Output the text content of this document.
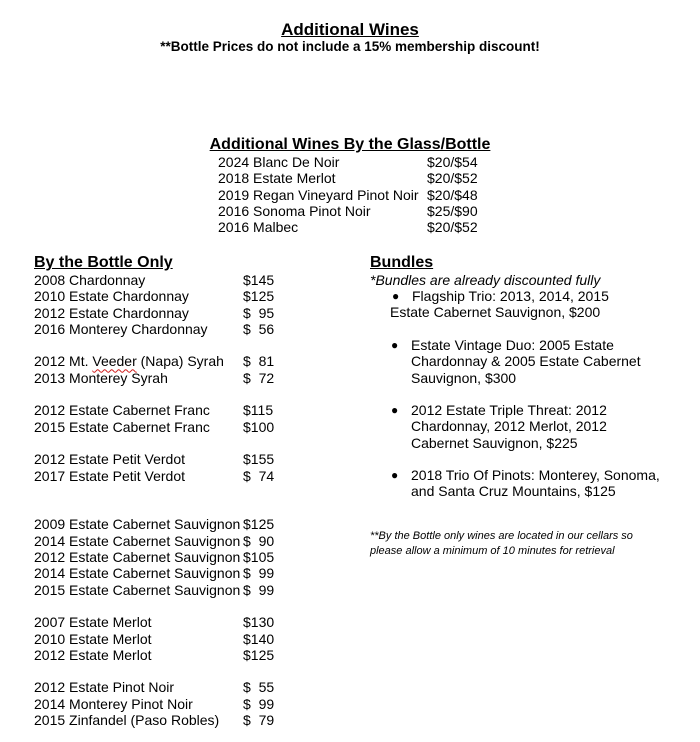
Additional Wines
**Bottle Prices do not include a 15% membership discount!
Additional Wines By the Glass/Bottle
2024 Blanc De Noir	$20/$54
2018 Estate Merlot	$20/$52
2019 Regan Vineyard Pinot Noir $20/$48
2016 Sonoma Pinot Noir	$25/$90
2016 Malbec	$20/$52
By the Bottle Only
2008 Chardonnay	$145
2010 Estate Chardonnay	$125
2012 Estate Chardonnay	$  95
2016 Monterey Chardonnay	$  56
2012 Mt. Veeder (Napa) Syrah $  81
2013 Monterey Syrah	$  72
2012 Estate Cabernet Franc $115
2015 Estate Cabernet Franc $100
2012 Estate Petit Verdot	$155
2017 Estate Petit Verdot	$  74
2009 Estate Cabernet Sauvignon $125
2014 Estate Cabernet Sauvignon $  90
2012 Estate Cabernet Sauvignon $105
2014 Estate Cabernet Sauvignon $  99
2015 Estate Cabernet Sauvignon $  99
2007 Estate Merlot	$130
2010 Estate Merlot	$140
2012 Estate Merlot	$125
2012 Estate Pinot Noir	$  55
2014 Monterey Pinot Noir	$  99
2015 Zinfandel (Paso Robles) $  79
Bundles
*Bundles are already discounted fully
● Flagship Trio: 2013, 2014, 2015
Estate Cabernet Sauvignon, $200
● Estate Vintage Duo: 2005 Estate
Chardonnay & 2005 Estate Cabernet
Sauvignon, $300
● 2012 Estate Triple Threat: 2012
Chardonnay, 2012 Merlot, 2012
Cabernet Sauvignon, $225
● 2018 Trio Of Pinots: Monterey, Sonoma,
and Santa Cruz Mountains, $125
**By the Bottle only wines are located in our cellars so
please allow a minimum of 10 minutes for retrieval
